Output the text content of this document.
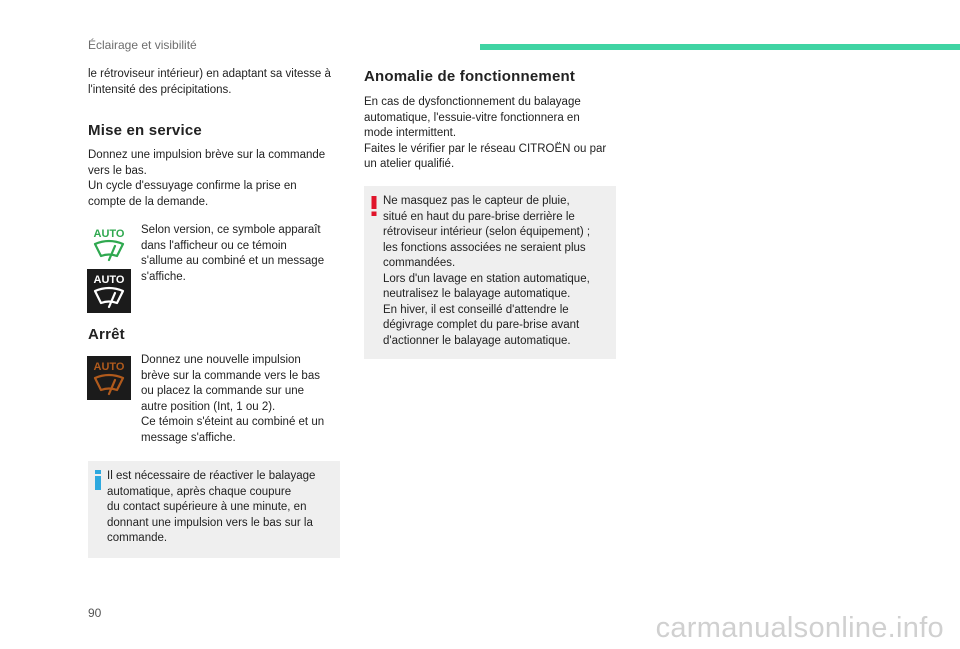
Éclairage et visibilité

le rétroviseur intérieur) en adaptant sa vitesse à
l'intensité des précipitations.

Mise en service

Donnez une impulsion brève sur la commande
vers le bas.
Un cycle d'essuyage confirme la prise en
compte de la demande.

AUTO
AUTO

Selon version, ce symbole apparaît
dans l'afficheur ou ce témoin
s'allume au combiné et un message
s'affiche.

Arrêt
AUTO

Donnez une nouvelle impulsion
brève sur la commande vers le bas
ou placez la commande sur une
autre position (Int, 1 ou 2).
Ce témoin s'éteint au combiné et un
message s'affiche.

Il est nécessaire de réactiver le balayage
automatique, après chaque coupure
du contact supérieure à une minute, en
donnant une impulsion vers le bas sur la
commande.

Anomalie de fonctionnement

En cas de dysfonctionnement du balayage
automatique, l'essuie-vitre fonctionnera en
mode intermittent.
Faites le vérifier par le réseau CITROËN ou par
un atelier qualifié.

Ne masquez pas le capteur de pluie,
situé en haut du pare-brise derrière le
rétroviseur intérieur (selon équipement) ;
les fonctions associées ne seraient plus
commandées.
Lors d'un lavage en station automatique,
neutralisez le balayage automatique.
En hiver, il est conseillé d'attendre le
dégivrage complet du pare-brise avant
d'actionner le balayage automatique.

90	carmanualsonline.info
